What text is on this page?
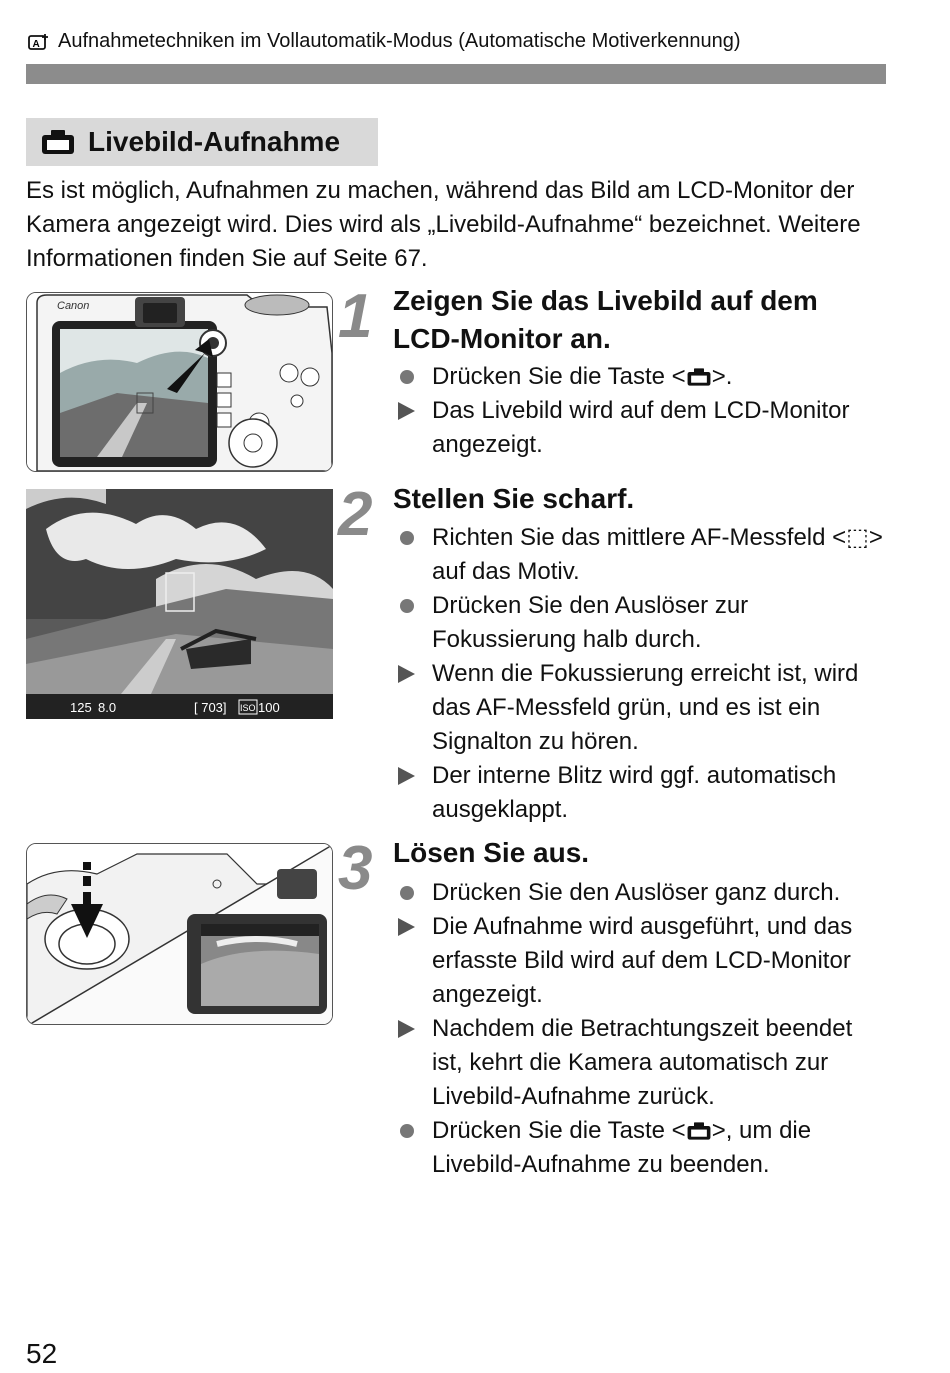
A Aufnahmetechniken im Vollautomatik-Modus (Automatische Motiverkennung)
Livebild-Aufnahme

Es ist möglich, Aufnahmen zu machen, während das Bild am LCD-Monitor der Kamera angezeigt wird. Dies wird als „Livebild-Aufnahme“ bezeichnet. Weitere Informationen finden Sie auf Seite 67.

Canon	1 Zeigen Sie das Livebild auf dem LCD-Monitor an.
Drücken Sie die Taste < >.
Das Livebild wird auf dem LCD-Monitor angezeigt.
125 8.0	[ 703] ISO 100
2 Stellen Sie scharf.
Richten Sie das mittlere AF-Messfeld <⬚> auf das Motiv.
Drücken Sie den Auslöser zur Fokussierung halb durch.
Wenn die Fokussierung erreicht ist, wird das AF-Messfeld grün, und es ist ein Signalton zu hören.
Der interne Blitz wird ggf. automatisch ausgeklappt.
3 Lösen Sie aus.
Drücken Sie den Auslöser ganz durch.
Die Aufnahme wird ausgeführt, und das erfasste Bild wird auf dem LCD-Monitor angezeigt.
Nachdem die Betrachtungszeit beendet ist, kehrt die Kamera automatisch zur Livebild-Aufnahme zurück.
Drücken Sie die Taste < >, um die Livebild-Aufnahme zu beenden.
52
